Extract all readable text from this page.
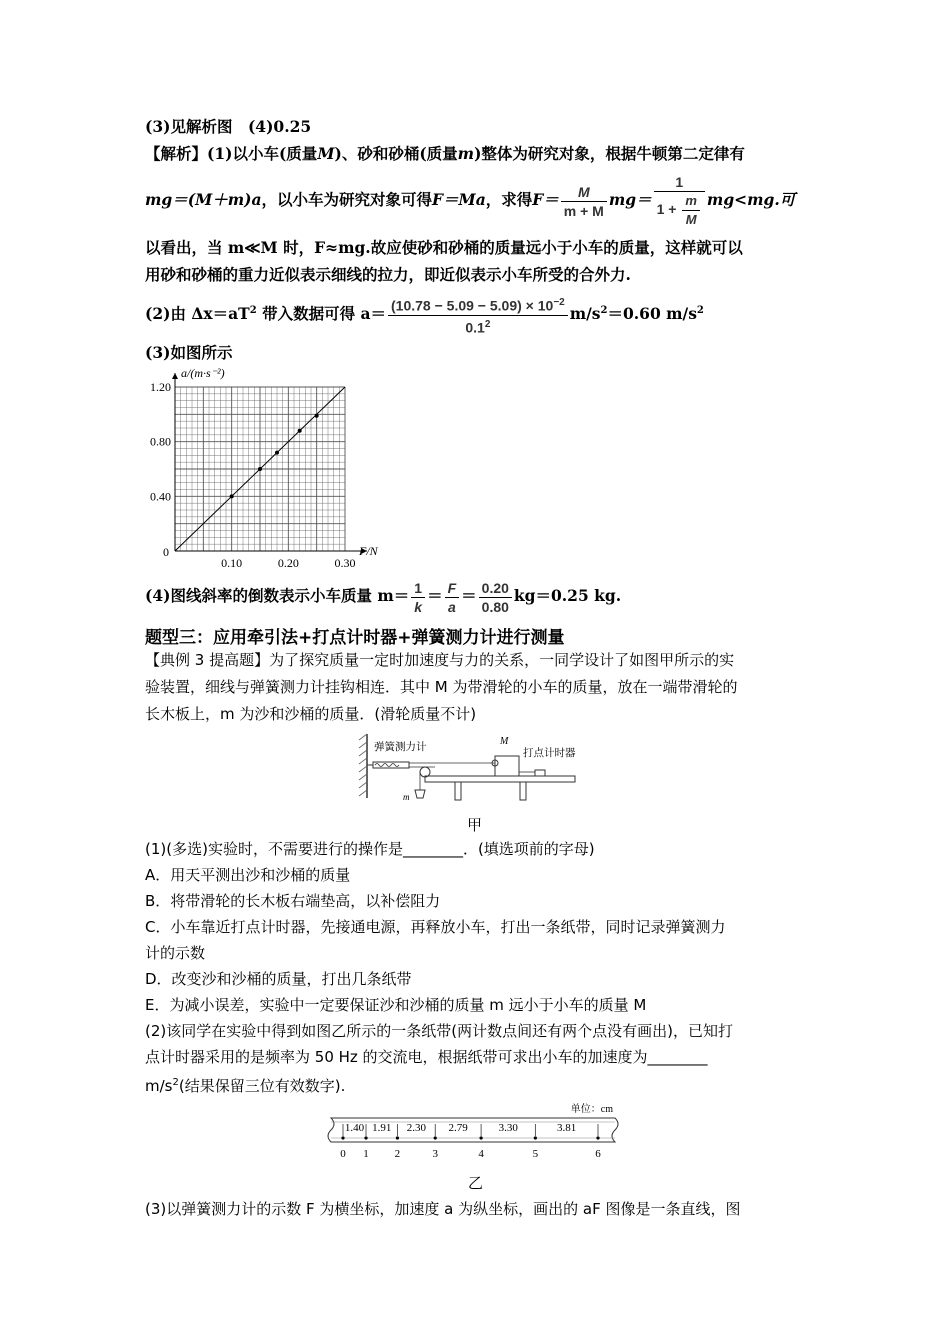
(3)见解析图　(4)0.25
【解析】(1)以小车(质量M)、砂和砂桶(质量m)整体为研究对象，根据牛顿第二定律有
mg＝(M＋m)a，以小车为研究对象可得F＝Ma，求得$F= \frac{M}{m + M} mg= \frac{1}{1 + \frac{m}{M}} mg<mg$.可
以看出，当 m≪M 时，F≈mg.故应使砂和砂桶的质量远小于小车的质量，这样就可以
用砂和砂桶的重力近似表示细线的拉力，即近似表示小车所受的合外力.
(2)由 $\Delta x=aT^2$ 带入数据可得 $a= \frac{(10.78 - 5.09 - 5.09) \times 10^{-2}}{0.1^2} m/s^2=0.60$ $m/s^2$
(3)如图所示
0.10	0.20	0.30
0.40
0.80
1.20
0	F/N
a/(m·s⁻²)
(4)图线斜率的倒数表示小车质量 $m= \frac{1}{k} = \frac{F}{a} = \frac{0.20}{0.80} kg=0.25$ kg.
题型三：应用牵引法+打点计时器+弹簧测力计进行测量
【典例 3 提高题】为了探究质量一定时加速度与力的关系，一同学设计了如图甲所示的实
验装置，细线与弹簧测力计挂钩相连．其中 M 为带滑轮的小车的质量，放在一端带滑轮的
长木板上，m 为沙和沙桶的质量．(滑轮质量不计)
m
M
弹簧测力计
打点计时器
甲
(1)(多选)实验时，不需要进行的操作是________．(填选项前的字母)
A．用天平测出沙和沙桶的质量
B．将带滑轮的长木板右端垫高，以补偿阻力
C．小车靠近打点计时器，先接通电源，再释放小车，打出一条纸带，同时记录弹簧测力
计的示数
D．改变沙和沙桶的质量，打出几条纸带
E．为减小误差，实验中一定要保证沙和沙桶的质量 m 远小于小车的质量 M
(2)该同学在实验中得到如图乙所示的一条纸带(两计数点间还有两个点没有画出)，已知打
点计时器采用的是频率为 50 Hz 的交流电，根据纸带可求出小车的加速度为________
$m/s^2$(结果保留三位有效数字).
单位：cm
0 1 2	3	4	5	6
1.40 1.91 2.30 2.79	3.30	3.81
乙
(3)以弹簧测力计的示数 F 为横坐标，加速度 a 为纵坐标，画出的 aF 图像是一条直线，图
